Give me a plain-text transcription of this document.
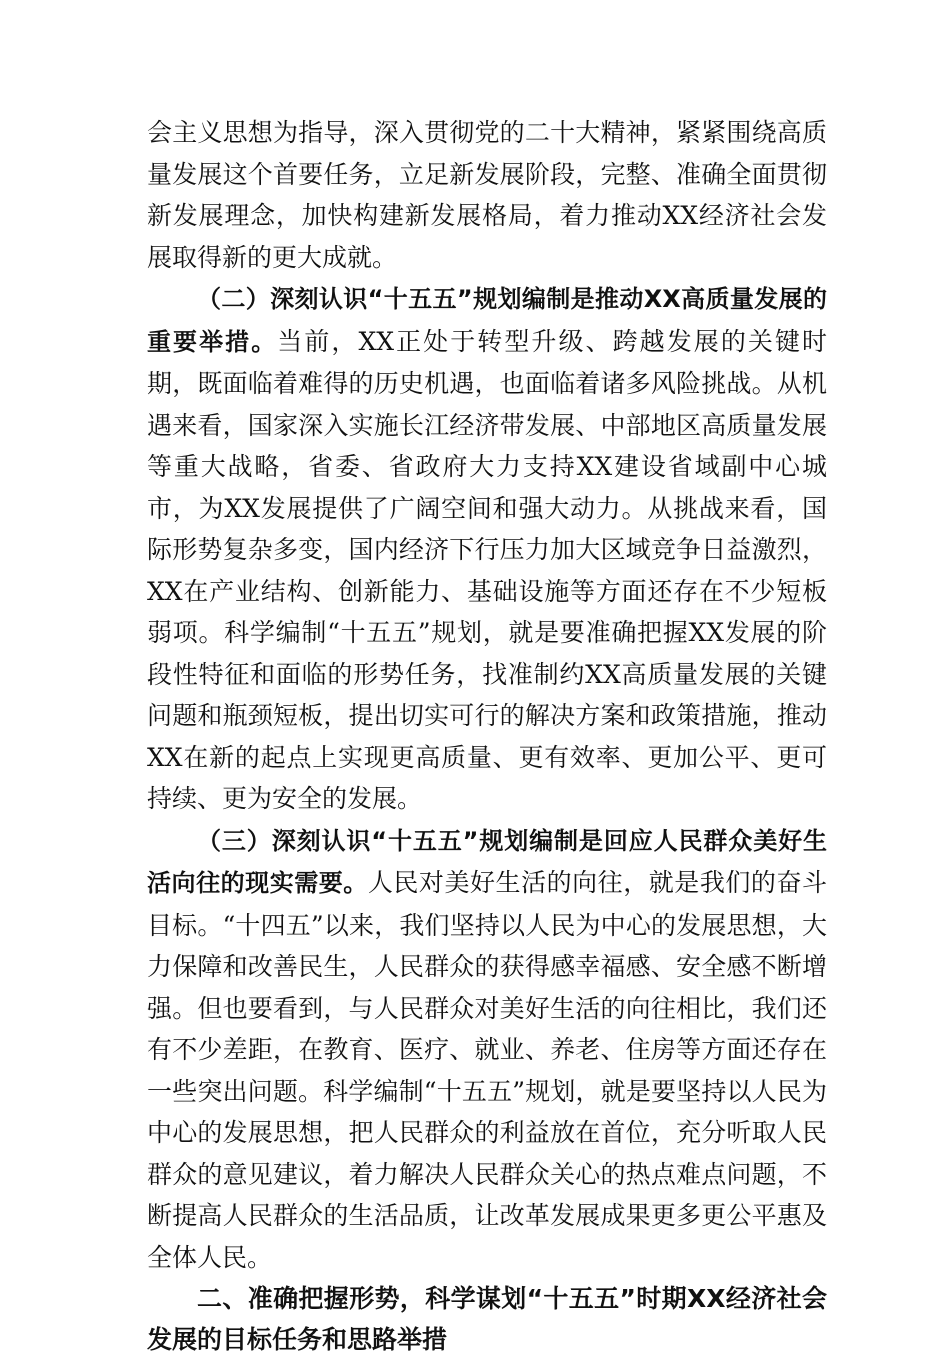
会主义思想为指导，深入贯彻党的二十大精神，紧紧围绕高质量发展这个首要任务，立足新发展阶段，完整、准确全面贯彻新发展理念，加快构建新发展格局，着力推动XX经济社会发展取得新的更大成就。

（二）深刻认识“十五五”规划编制是推动XX高质量发展的重要举措。当前，XX正处于转型升级、跨越发展的关键时期，既面临着难得的历史机遇，也面临着诸多风险挑战。从机遇来看，国家深入实施长江经济带发展、中部地区高质量发展等重大战略，省委、省政府大力支持XX建设省域副中心城市，为XX发展提供了广阔空间和强大动力。从挑战来看，国际形势复杂多变，国内经济下行压力加大区域竞争日益激烈，XX在产业结构、创新能力、基础设施等方面还存在不少短板弱项。科学编制“十五五”规划，就是要准确把握XX发展的阶段性特征和面临的形势任务，找准制约XX高质量发展的关键问题和瓶颈短板，提出切实可行的解决方案和政策措施，推动XX在新的起点上实现更高质量、更有效率、更加公平、更可持续、更为安全的发展。

（三）深刻认识“十五五”规划编制是回应人民群众美好生活向往的现实需要。人民对美好生活的向往，就是我们的奋斗目标。“十四五”以来，我们坚持以人民为中心的发展思想，大力保障和改善民生，人民群众的获得感幸福感、安全感不断增强。但也要看到，与人民群众对美好生活的向往相比，我们还有不少差距，在教育、医疗、就业、养老、住房等方面还存在一些突出问题。科学编制“十五五”规划，就是要坚持以人民为中心的发展思想，把人民群众的利益放在首位，充分听取人民群众的意见建议，着力解决人民群众关心的热点难点问题，不断提高人民群众的生活品质，让改革发展成果更多更公平惠及全体人民。

二、准确把握形势，科学谋划“十五五”时期XX经济社会发展的目标任务和思路举措
